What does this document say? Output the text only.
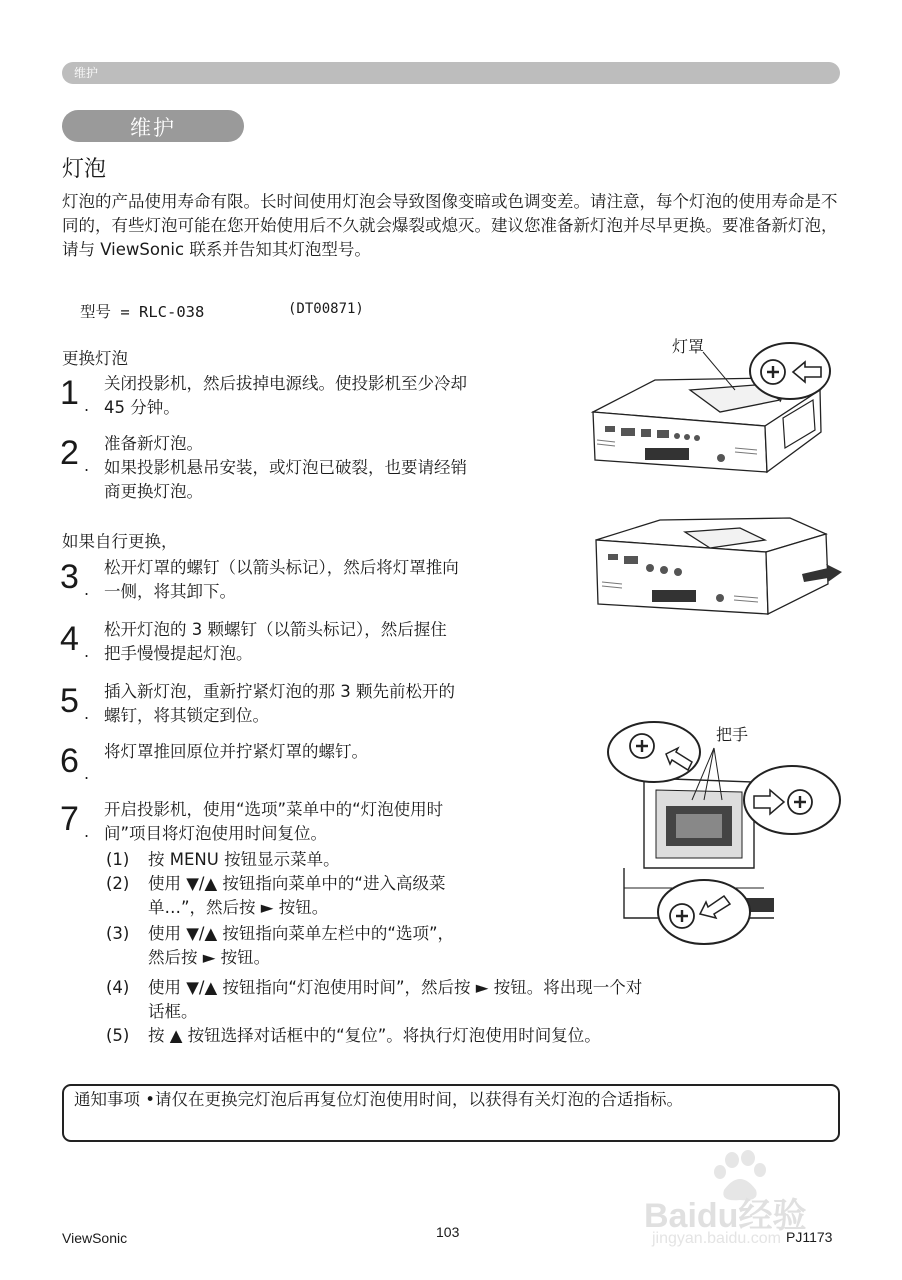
维护
维护
灯泡
灯泡的产品使用寿命有限。长时间使用灯泡会导致图像变暗或色调变差。请注意，每个灯泡的使用寿命是不同的，有些灯泡可能在您开始使用后不久就会爆裂或熄灭。建议您准备新灯泡并尽早更换。要准备新灯泡，请与 ViewSonic 联系并告知其灯泡型号。
型号 = RLC-038	(DT00871)
更换灯泡
如果自行更换，
1 .
关闭投影机，然后拔掉电源线。使投影机至少冷却
45 分钟。
2 .
准备新灯泡。
如果投影机悬吊安装，或灯泡已破裂，也要请经销
商更换灯泡。
3 .
松开灯罩的螺钉（以箭头标记），然后将灯罩推向
一侧，将其卸下。
4 .
松开灯泡的 3 颗螺钉（以箭头标记），然后握住
把手慢慢提起灯泡。
5 .
插入新灯泡，重新拧紧灯泡的那 3 颗先前松开的
螺钉，将其锁定到位。
6 .
将灯罩推回原位并拧紧灯罩的螺钉。
7 .
开启投影机，使用“选项”菜单中的“灯泡使用时
间”项目将灯泡使用时间复位。
(1) 按 MENU 按钮显示菜单。
(2) 使用 ▼/▲ 按钮指向菜单中的“进入高级菜
单…”，然后按 ► 按钮。
(3) 使用 ▼/▲ 按钮指向菜单左栏中的“选项”，
然后按 ► 按钮。
(4) 使用 ▼/▲ 按钮指向“灯泡使用时间”，然后按 ► 按钮。将出现一个对
话框。
(5) 按 ▲ 按钮选择对话框中的“复位”。将执行灯泡使用时间复位。
灯罩
把手
通知事项 •请仅在更换完灯泡后再复位灯泡使用时间，以获得有关灯泡的合适指标。
Baidu经验
jingyan.baidu.com
ViewSonic	103	PJ1173
